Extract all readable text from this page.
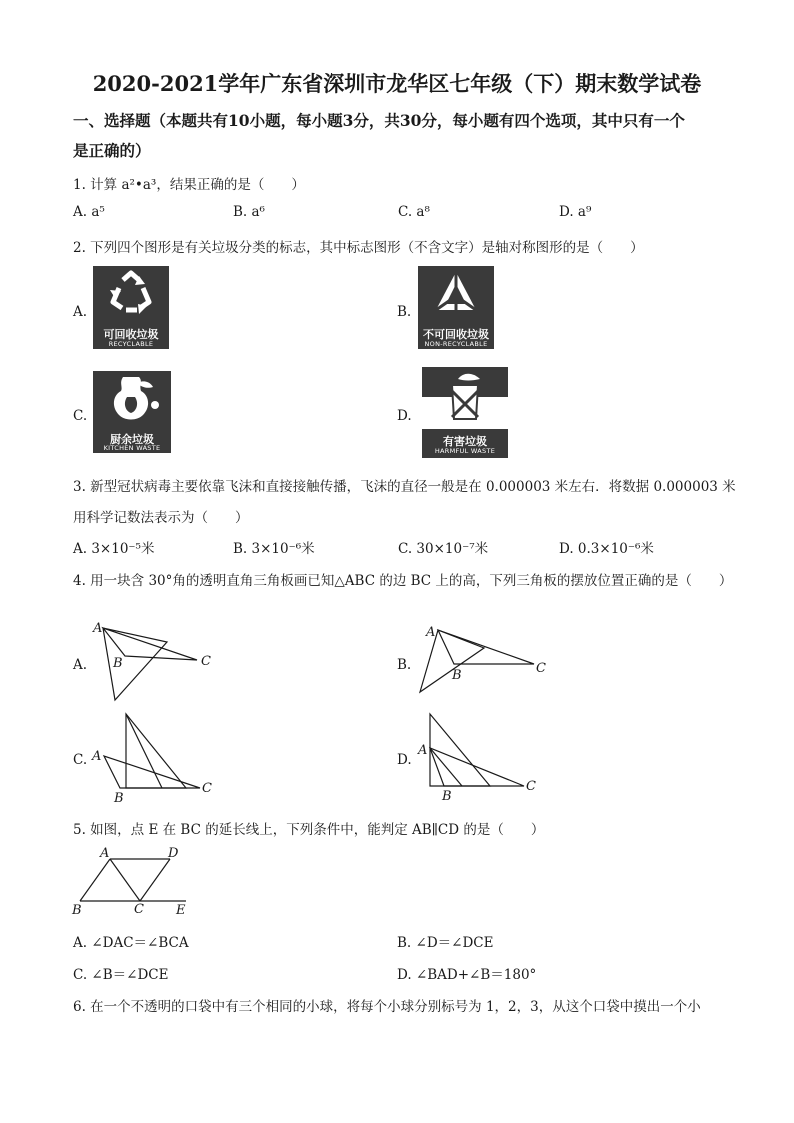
2020-2021学年广东省深圳市龙华区七年级（下）期末数学试卷
一、选择题（本题共有10小题，每小题3分，共30分，每小题有四个选项，其中只有一个
是正确的）
1. 计算 a²•a³，结果正确的是（　　）
A. a⁵	B. a⁶	C. a⁸	D. a⁹
2. 下列四个图形是有关垃圾分类的标志，其中标志图形（不含文字）是轴对称图形的是（　　）
A.
可回收垃圾
RECYCLABLE
B.
不可回收垃圾
NON-RECYCLABLE
C.
厨余垃圾
KITCHEN WASTE
D.
有害垃圾
HARMFUL WASTE
3. 新型冠状病毒主要依靠飞沫和直接接触传播，飞沫的直径一般是在 0.000003 米左右．将数据 0.000003 米
用科学记数法表示为（　　）
A. 3×10⁻⁵米	B. 3×10⁻⁶米	C. 30×10⁻⁷米	D. 0.3×10⁻⁶米
4. 用一块含 30°角的透明直角三角板画已知△ABC 的边 BC 上的高，下列三角板的摆放位置正确的是（　　）
A.
A
B	C	B.
A
B	C
C. A
B
C
D.
A
B
C
5. 如图，点 E 在 BC 的延长线上，下列条件中，能判定 AB∥CD 的是（　　）
A	D
B	C E
A. ∠DAC＝∠BCA	B. ∠D＝∠DCE
C. ∠B＝∠DCE	D. ∠BAD+∠B＝180°
6. 在一个不透明的口袋中有三个相同的小球，将每个小球分别标号为 1，2，3，从这个口袋中摸出一个小
